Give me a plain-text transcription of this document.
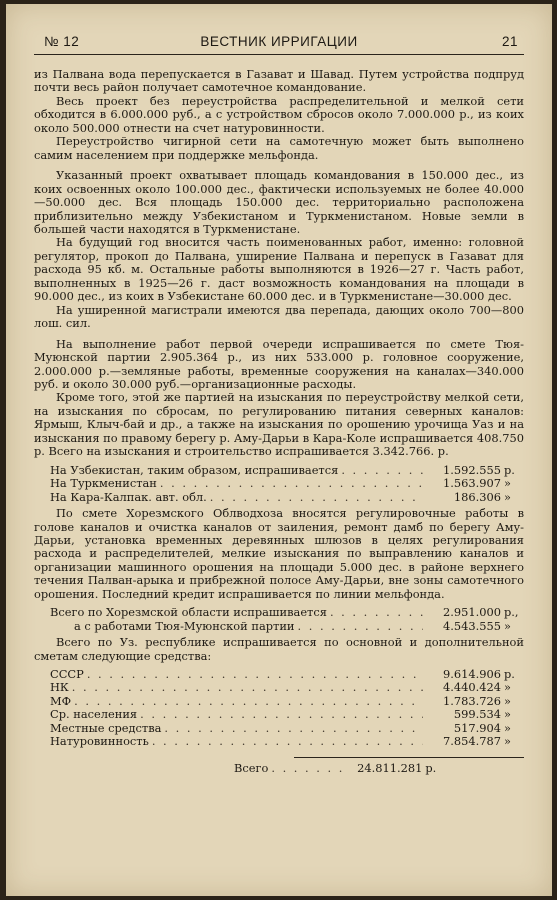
№ 12	ВЕСТНИК ИРРИГАЦИИ	21

из Палвана вода перепускается в Газават и Шавад. Путем устройства подпруд почти весь район получает самотечное командование.

Весь проект без переустройства распределительной и мелкой сети обходится в 6.000.000 руб., а с устройством сбросов около 7.000.000 р., из коих около 500.000 отнести на счет натуровинности.

Переустройство чигирной сети на самотечную может быть выполнено самим населением при поддержке мельфонда.

Указанный проект охватывает площадь командования в 150.000 дес., из коих освоенных около 100.000 дес., фактически используемых не более 40.000—50.000 дес. Вся площадь 150.000 дес. территориально расположена приблизительно между Узбекистаном и Туркменистаном. Новые земли в большей части находятся в Туркменистане.

На будущий год вносится часть поименованных работ, именно: головной регулятор, прокоп до Палвана, уширение Палвана и перепуск в Газават для расхода 95 кб. м. Остальные работы выполняются в 1926—27 г. Часть работ, выполненных в 1925—26 г. даст возможность командования на площади в 90.000 дес., из коих в Узбекистане 60.000 дес. и в Туркменистане—30.000 дес.

На уширенной магистрали имеются два перепада, дающих около 700—800 лош. сил.

На выполнение работ первой очереди испрашивается по смете Тюя-Муюнской партии 2.905.364 р., из них 533.000 р. головное сооружение, 2.000.000 р.—земляные работы, временные сооружения на каналах—340.000 руб. и около 30.000 руб.—организационные расходы.

Кроме того, этой же партией на изыскания по переустройству мелкой сети, на изыскания по сбросам, по регулированию питания северных каналов: Ярмыш, Клыч-бай и др., а также на изыскания по орошению урочища Уаз и на изыскания по правому берегу р. Аму-Дарьи в Кара-Коле испрашивается 408.750 р. Всего на изыскания и строительство испрашивается 3.342.766. р.

На Узбекистан, таким образом, испрашивается . . .	1.592.555 р.
На Туркменистан . . .	1.563.907 »
На Кара-Калпак. авт. обл. . . .	186.306 »

По смете Хорезмского Облводхоза вносятся регулировочные работы в голове каналов и очистка каналов от заиления, ремонт дамб по берегу Аму-Дарьи, установка временных деревянных шлюзов в целях регулирования расхода и распределителей, мелкие изыскания по выправлению каналов и организации машинного орошения на площади 5.000 дес. в районе верхнего течения Палван-арыка и прибрежной полосе Аму-Дарьи, вне зоны самотечного орошения. Последний кредит испрашивается по линии мельфонда.

Всего по Хорезмской области испрашивается . . .	2.951.000 р.,
а с работами Тюя-Муюнской партии . . .	4.543.555 »

Всего по Уз. республике испрашивается по основной и дополнительной сметам следующие средства:

СССР . . .	9.614.906 р.
НК . . .	4.440.424 »
МФ . . .	1.783.726 »
Ср. населения . . .	599.534 »
Местные средства . . .	517.904 »
Натуровинность . . .	7.854.787 »
Всего . . .	24.811.281 р.
